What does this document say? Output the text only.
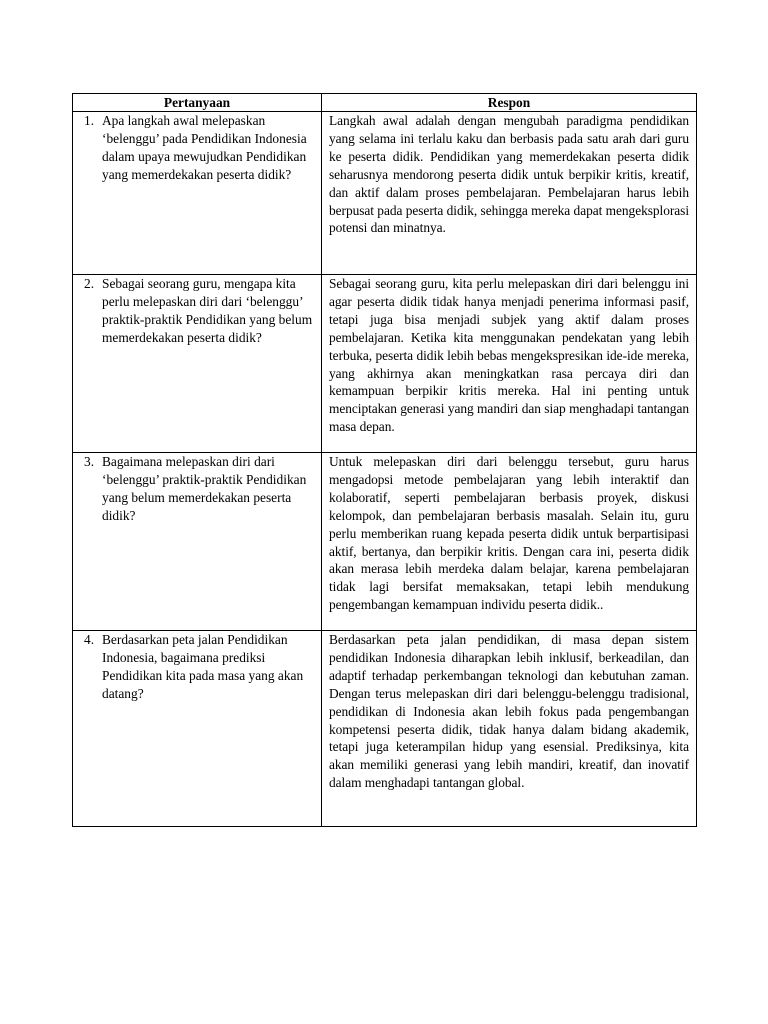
Pertanyaan	Respon

1. Apa langkah awal melepaskan ‘belenggu’ pada Pendidikan Indonesia dalam upaya mewujudkan Pendidikan yang memerdekakan peserta didik?	Langkah awal adalah dengan mengubah paradigma pendidikan yang selama ini terlalu kaku dan berbasis pada satu arah dari guru ke peserta didik. Pendidikan yang memerdekakan peserta didik seharusnya mendorong peserta didik untuk berpikir kritis, kreatif, dan aktif dalam proses pembelajaran. Pembelajaran harus lebih berpusat pada peserta didik, sehingga mereka dapat mengeksplorasi potensi dan minatnya.

2. Sebagai seorang guru, mengapa kita perlu melepaskan diri dari ‘belenggu’ praktik-praktik Pendidikan yang belum memerdekakan peserta didik?	Sebagai seorang guru, kita perlu melepaskan diri dari belenggu ini agar peserta didik tidak hanya menjadi penerima informasi pasif, tetapi juga bisa menjadi subjek yang aktif dalam proses pembelajaran. Ketika kita menggunakan pendekatan yang lebih terbuka, peserta didik lebih bebas mengekspresikan ide-ide mereka, yang akhirnya akan meningkatkan rasa percaya diri dan kemampuan berpikir kritis mereka. Hal ini penting untuk menciptakan generasi yang mandiri dan siap menghadapi tantangan masa depan.

3. Bagaimana melepaskan diri dari ‘belenggu’ praktik-praktik Pendidikan yang belum memerdekakan peserta didik?	Untuk melepaskan diri dari belenggu tersebut, guru harus mengadopsi metode pembelajaran yang lebih interaktif dan kolaboratif, seperti pembelajaran berbasis proyek, diskusi kelompok, dan pembelajaran berbasis masalah. Selain itu, guru perlu memberikan ruang kepada peserta didik untuk berpartisipasi aktif, bertanya, dan berpikir kritis. Dengan cara ini, peserta didik akan merasa lebih merdeka dalam belajar, karena pembelajaran tidak lagi bersifat memaksakan, tetapi lebih mendukung pengembangan kemampuan individu peserta didik..

4. Berdasarkan peta jalan Pendidikan Indonesia, bagaimana prediksi Pendidikan kita pada masa yang akan datang?	Berdasarkan peta jalan pendidikan, di masa depan sistem pendidikan Indonesia diharapkan lebih inklusif, berkeadilan, dan adaptif terhadap perkembangan teknologi dan kebutuhan zaman. Dengan terus melepaskan diri dari belenggu-belenggu tradisional, pendidikan di Indonesia akan lebih fokus pada pengembangan kompetensi peserta didik, tidak hanya dalam bidang akademik, tetapi juga keterampilan hidup yang esensial. Prediksinya, kita akan memiliki generasi yang lebih mandiri, kreatif, dan inovatif dalam menghadapi tantangan global.
